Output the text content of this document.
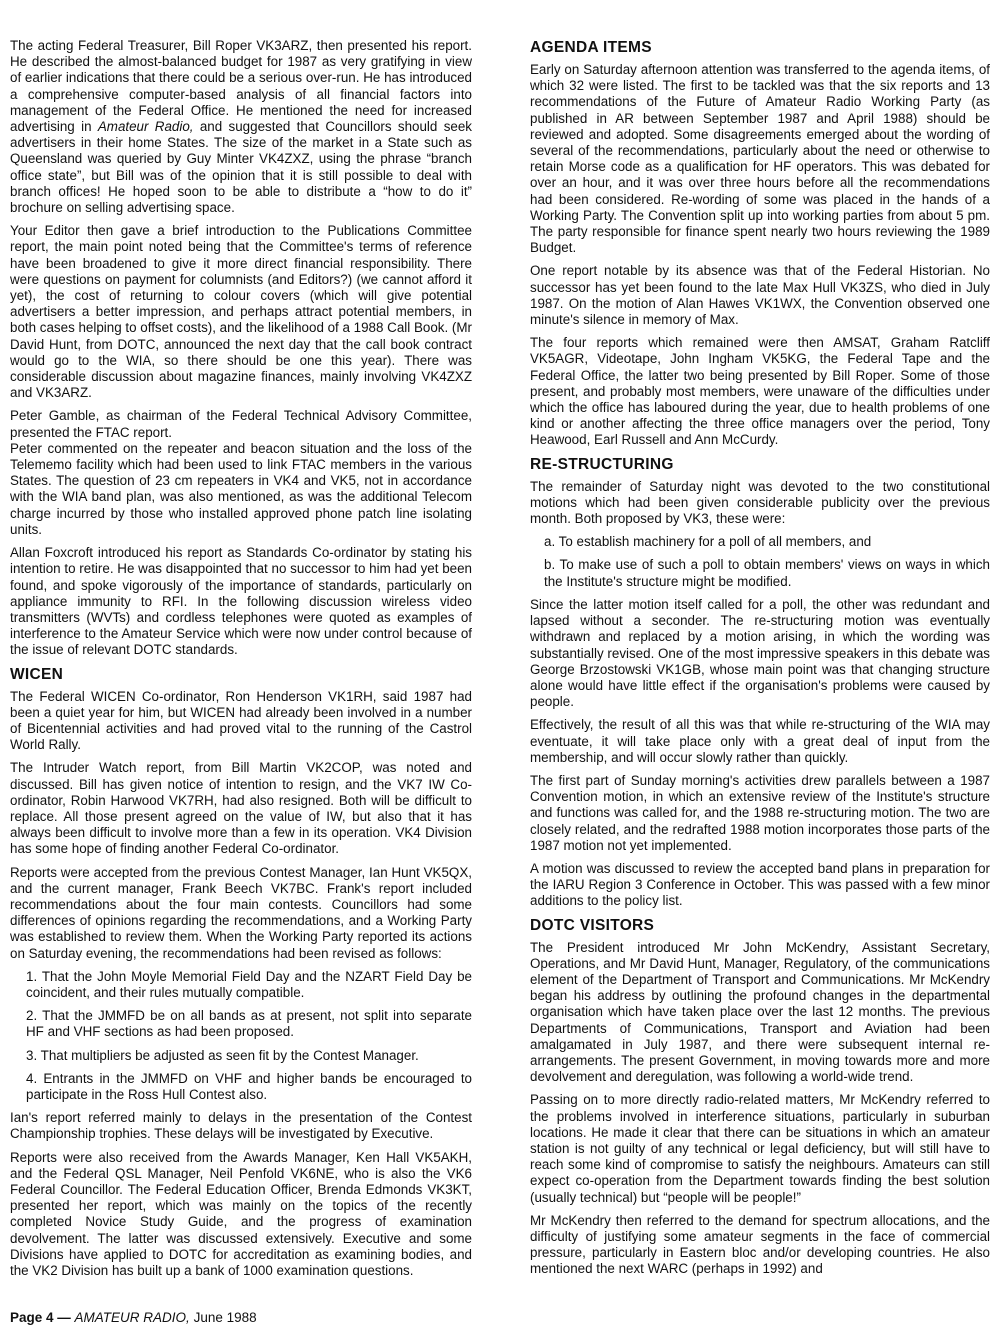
The acting Federal Treasurer, Bill Roper VK3ARZ, then presented his report. He described the almost-balanced budget for 1987 as very gratifying in view of earlier indications that there could be a serious over-run. He has introduced a comprehensive computer-based analysis of all financial factors into management of the Federal Office. He mentioned the need for increased advertising in Amateur Radio, and suggested that Councillors should seek advertisers in their home States. The size of the market in a State such as Queensland was queried by Guy Minter VK4ZXZ, using the phrase “branch office state”, but Bill was of the opinion that it is still possible to deal with branch offices! He hoped soon to be able to distribute a “how to do it” brochure on selling advertising space.

Your Editor then gave a brief introduction to the Publications Committee report, the main point noted being that the Committee's terms of reference have been broadened to give it more direct financial responsibility. There were questions on payment for columnists (and Editors?) (we cannot afford it yet), the cost of returning to colour covers (which will give potential advertisers a better impression, and perhaps attract potential members, in both cases helping to offset costs), and the likelihood of a 1988 Call Book. (Mr David Hunt, from DOTC, announced the next day that the call book contract would go to the WIA, so there should be one this year). There was considerable discussion about magazine finances, mainly involving VK4ZXZ and VK3ARZ.

Peter Gamble, as chairman of the Federal Technical Advisory Committee, presented the FTAC report.

Peter commented on the repeater and beacon situation and the loss of the Telememo facility which had been used to link FTAC members in the various States. The question of 23 cm repeaters in VK4 and VK5, not in accordance with the WIA band plan, was also mentioned, as was the additional Telecom charge incurred by those who installed approved phone patch line isolating units.

Allan Foxcroft introduced his report as Standards Co-ordinator by stating his intention to retire. He was disappointed that no successor to him had yet been found, and spoke vigorously of the importance of standards, particularly on appliance immunity to RFI. In the following discussion wireless video transmitters (WVTs) and cordless telephones were quoted as examples of interference to the Amateur Service which were now under control because of the issue of relevant DOTC standards.

WICEN

The Federal WICEN Co-ordinator, Ron Henderson VK1RH, said 1987 had been a quiet year for him, but WICEN had already been involved in a number of Bicentennial activities and had proved vital to the running of the Castrol World Rally.

The Intruder Watch report, from Bill Martin VK2COP, was noted and discussed. Bill has given notice of intention to resign, and the VK7 IW Co-ordinator, Robin Harwood VK7RH, had also resigned. Both will be difficult to replace. All those present agreed on the value of IW, but also that it has always been difficult to involve more than a few in its operation. VK4 Division has some hope of finding another Federal Co-ordinator.

Reports were accepted from the previous Contest Manager, Ian Hunt VK5QX, and the current manager, Frank Beech VK7BC. Frank's report included recommendations about the four main contests. Councillors had some differences of opinions regarding the recommendations, and a Working Party was established to review them. When the Working Party reported its actions on Saturday evening, the recommendations had been revised as follows:

1. That the John Moyle Memorial Field Day and the NZART Field Day be coincident, and their rules mutually compatible.
2. That the JMMFD be on all bands as at present, not split into separate HF and VHF sections as had been proposed.
3. That multipliers be adjusted as seen fit by the Contest Manager.
4. Entrants in the JMMFD on VHF and higher bands be encouraged to participate in the Ross Hull Contest also.

Ian's report referred mainly to delays in the presentation of the Contest Championship trophies. These delays will be investigated by Executive.

Reports were also received from the Awards Manager, Ken Hall VK5AKH, and the Federal QSL Manager, Neil Penfold VK6NE, who is also the VK6 Federal Councillor. The Federal Education Officer, Brenda Edmonds VK3KT, presented her report, which was mainly on the topics of the recently completed Novice Study Guide, and the progress of examination devolvement. The latter was discussed extensively. Executive and some Divisions have applied to DOTC for accreditation as examining bodies, and the VK2 Division has built up a bank of 1000 examination questions.

AGENDA ITEMS

Early on Saturday afternoon attention was transferred to the agenda items, of which 32 were listed. The first to be tackled was that the six reports and 13 recommendations of the Future of Amateur Radio Working Party (as published in AR between September 1987 and April 1988) should be reviewed and adopted. Some disagreements emerged about the wording of several of the recommendations, particularly about the need or otherwise to retain Morse code as a qualification for HF operators. This was debated for over an hour, and it was over three hours before all the recommendations had been considered. Re-wording of some was placed in the hands of a Working Party. The Convention split up into working parties from about 5 pm. The party responsible for finance spent nearly two hours reviewing the 1989 Budget.

One report notable by its absence was that of the Federal Historian. No successor has yet been found to the late Max Hull VK3ZS, who died in July 1987. On the motion of Alan Hawes VK1WX, the Convention observed one minute's silence in memory of Max.

The four reports which remained were then AMSAT, Graham Ratcliff VK5AGR, Videotape, John Ingham VK5KG, the Federal Tape and the Federal Office, the latter two being presented by Bill Roper. Some of those present, and probably most members, were unaware of the difficulties under which the office has laboured during the year, due to health problems of one kind or another affecting the three office managers over the period, Tony Heawood, Earl Russell and Ann McCurdy.

RE-STRUCTURING

The remainder of Saturday night was devoted to the two constitutional motions which had been given considerable publicity over the previous month. Both proposed by VK3, these were:

a. To establish machinery for a poll of all members, and
b. To make use of such a poll to obtain members' views on ways in which the Institute's structure might be modified.

Since the latter motion itself called for a poll, the other was redundant and lapsed without a seconder. The re-structuring motion was eventually withdrawn and replaced by a motion arising, in which the wording was substantially revised. One of the most impressive speakers in this debate was George Brzostowski VK1GB, whose main point was that changing structure alone would have little effect if the organisation's problems were caused by people.

Effectively, the result of all this was that while re-structuring of the WIA may eventuate, it will take place only with a great deal of input from the membership, and will occur slowly rather than quickly.

The first part of Sunday morning's activities drew parallels between a 1987 Convention motion, in which an extensive review of the Institute's structure and functions was called for, and the 1988 re-structuring motion. The two are closely related, and the redrafted 1988 motion incorporates those parts of the 1987 motion not yet implemented.

A motion was discussed to review the accepted band plans in preparation for the IARU Region 3 Conference in October. This was passed with a few minor additions to the policy list.

DOTC VISITORS

The President introduced Mr John McKendry, Assistant Secretary, Operations, and Mr David Hunt, Manager, Regulatory, of the communications element of the Department of Transport and Communications. Mr McKendry began his address by outlining the profound changes in the departmental organisation which have taken place over the last 12 months. The previous Departments of Communications, Transport and Aviation had been amalgamated in July 1987, and there were subsequent internal re-arrangements. The present Government, in moving towards more and more devolvement and deregulation, was following a world-wide trend.

Passing on to more directly radio-related matters, Mr McKendry referred to the problems involved in interference situations, particularly in suburban locations. He made it clear that there can be situations in which an amateur station is not guilty of any technical or legal deficiency, but will still have to reach some kind of compromise to satisfy the neighbours. Amateurs can still expect co-operation from the Department towards finding the best solution (usually technical) but “people will be people!”

Mr McKendry then referred to the demand for spectrum allocations, and the difficulty of justifying some amateur segments in the face of commercial pressure, particularly in Eastern bloc and/or developing countries. He also mentioned the next WARC (perhaps in 1992) and

Page 4 — AMATEUR RADIO, June 1988
